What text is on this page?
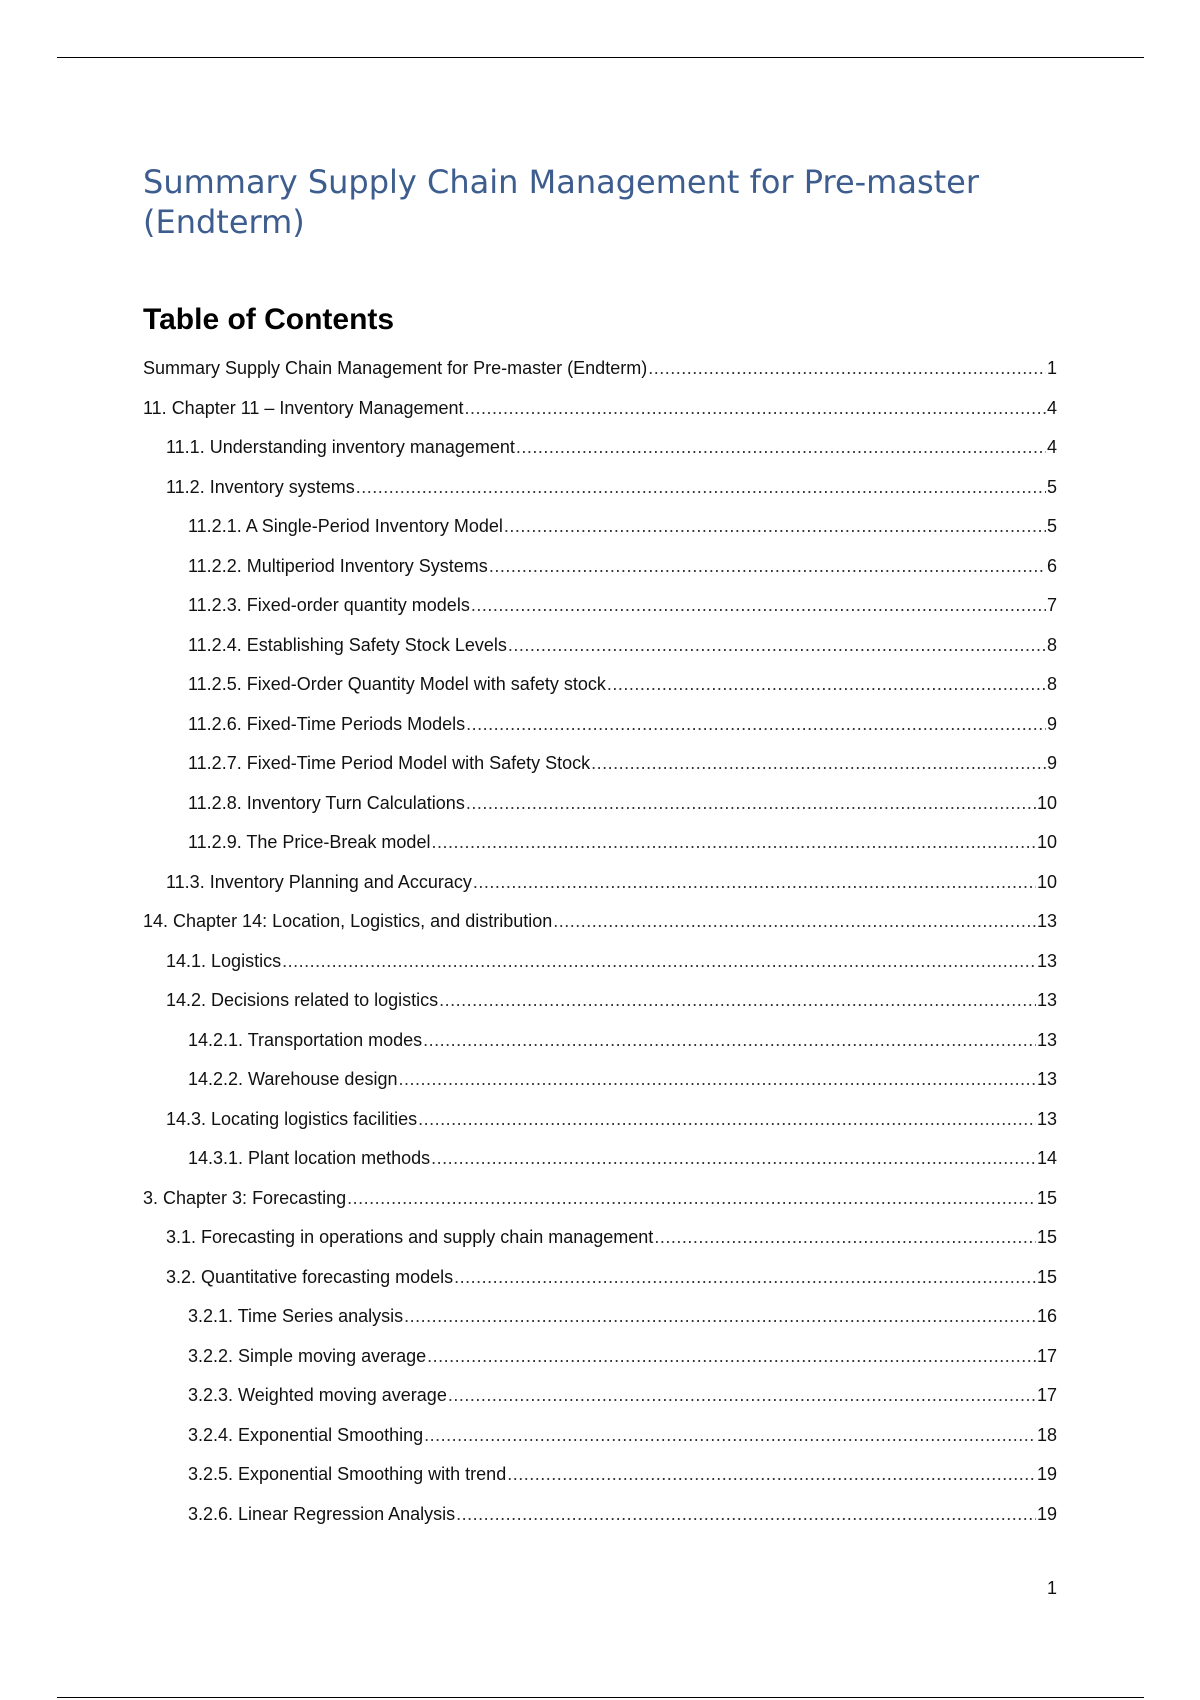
Summary Supply Chain Management for Pre-master (Endterm)
Table of Contents
Summary Supply Chain Management for Pre-master (Endterm) .....	1
11. Chapter 11 – Inventory Management .....	4
11.1. Understanding inventory management .....	4
11.2. Inventory systems .....	5
11.2.1. A Single-Period Inventory Model .....	5
11.2.2. Multiperiod Inventory Systems .....	6
11.2.3. Fixed-order quantity models .....	7
11.2.4. Establishing Safety Stock Levels .....	8
11.2.5. Fixed-Order Quantity Model with safety stock .....	8
11.2.6. Fixed-Time Periods Models .....	9
11.2.7. Fixed-Time Period Model with Safety Stock .....	9
11.2.8. Inventory Turn Calculations .....	10
11.2.9. The Price-Break model .....	10
11.3. Inventory Planning and Accuracy .....	10
14. Chapter 14: Location, Logistics, and distribution .....	13
14.1. Logistics .....	13
14.2. Decisions related to logistics .....	13
14.2.1. Transportation modes .....	13
14.2.2. Warehouse design .....	13
14.3. Locating logistics facilities .....	13
14.3.1. Plant location methods .....	14
3. Chapter 3: Forecasting .....	15
3.1. Forecasting in operations and supply chain management .....	15
3.2. Quantitative forecasting models .....	15
3.2.1. Time Series analysis .....	16
3.2.2. Simple moving average .....	17
3.2.3. Weighted moving average .....	17
3.2.4. Exponential Smoothing .....	18
3.2.5. Exponential Smoothing with trend .....	19
3.2.6. Linear Regression Analysis .....	19
1
